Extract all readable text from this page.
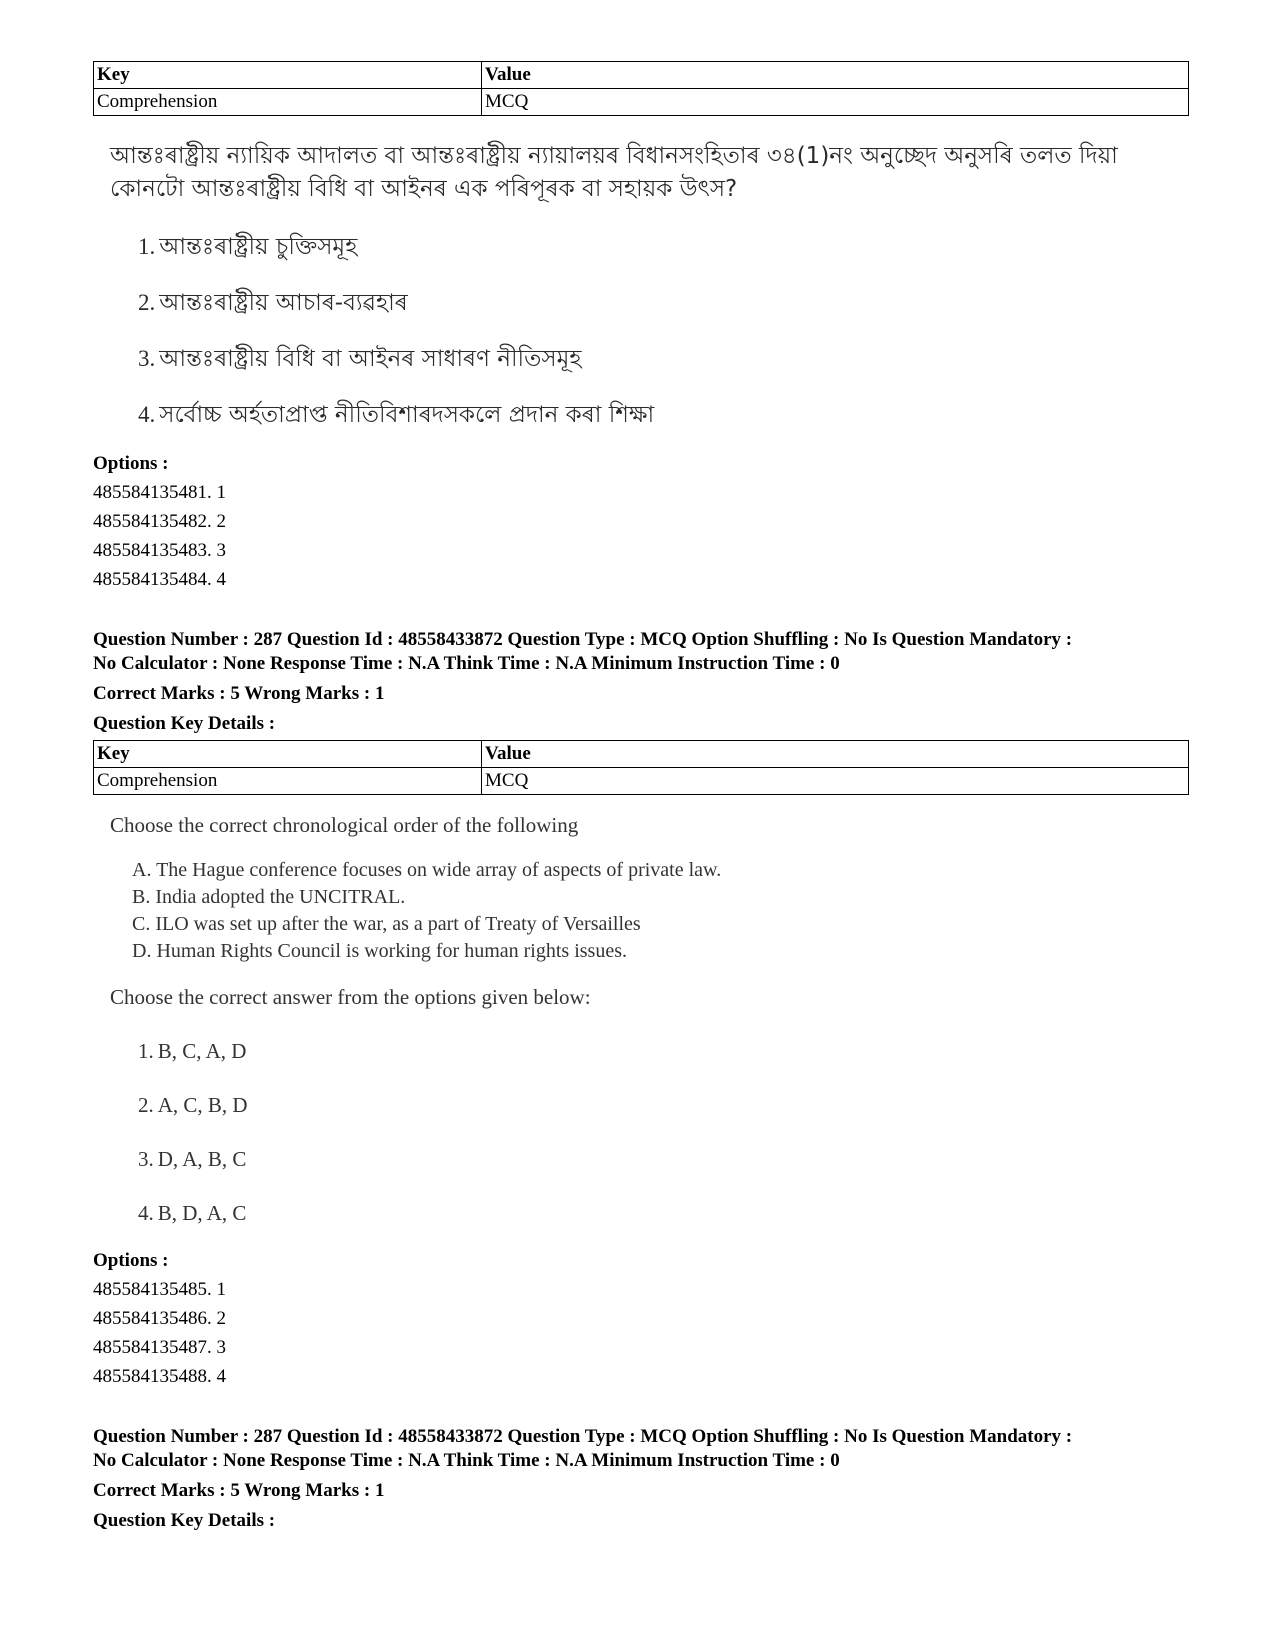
Key	Value
Comprehension	MCQ
আন্তঃৰাষ্ট্ৰীয় ন্যায়িক আদালত বা আন্তঃৰাষ্ট্ৰীয় ন্যায়ালয়ৰ বিধানসংহিতাৰ ৩৪(1)নং অনুচ্ছেদ অনুসৰি তলত দিয়া কোনটো আন্তঃৰাষ্ট্ৰীয় বিধি বা আইনৰ এক পৰিপূৰক বা সহায়ক উৎস?
1. আন্তঃৰাষ্ট্ৰীয় চুক্তিসমূহ
2. আন্তঃৰাষ্ট্ৰীয় আচাৰ-ব্যৱহাৰ
3. আন্তঃৰাষ্ট্ৰীয় বিধি বা আইনৰ সাধাৰণ নীতিসমূহ
4. সৰ্বোচ্চ অৰ্হতাপ্ৰাপ্ত নীতিবিশাৰদসকলে প্ৰদান কৰা শিক্ষা
Options :
485584135481. 1
485584135482. 2
485584135483. 3
485584135484. 4
Question Number : 287 Question Id : 48558433872 Question Type : MCQ Option Shuffling : No Is Question Mandatory :
No Calculator : None Response Time : N.A Think Time : N.A Minimum Instruction Time : 0
Correct Marks : 5 Wrong Marks : 1
Question Key Details :
Key	Value
Comprehension	MCQ
Choose the correct chronological order of the following
A. The Hague conference focuses on wide array of aspects of private law.
B. India adopted the UNCITRAL.
C. ILO was set up after the war, as a part of Treaty of Versailles
D. Human Rights Council is working for human rights issues.
Choose the correct answer from the options given below:
1. B, C, A, D
2. A, C, B, D
3. D, A, B, C
4. B, D, A, C
Options :
485584135485. 1
485584135486. 2
485584135487. 3
485584135488. 4
Question Number : 287 Question Id : 48558433872 Question Type : MCQ Option Shuffling : No Is Question Mandatory :
No Calculator : None Response Time : N.A Think Time : N.A Minimum Instruction Time : 0
Correct Marks : 5 Wrong Marks : 1
Question Key Details :
